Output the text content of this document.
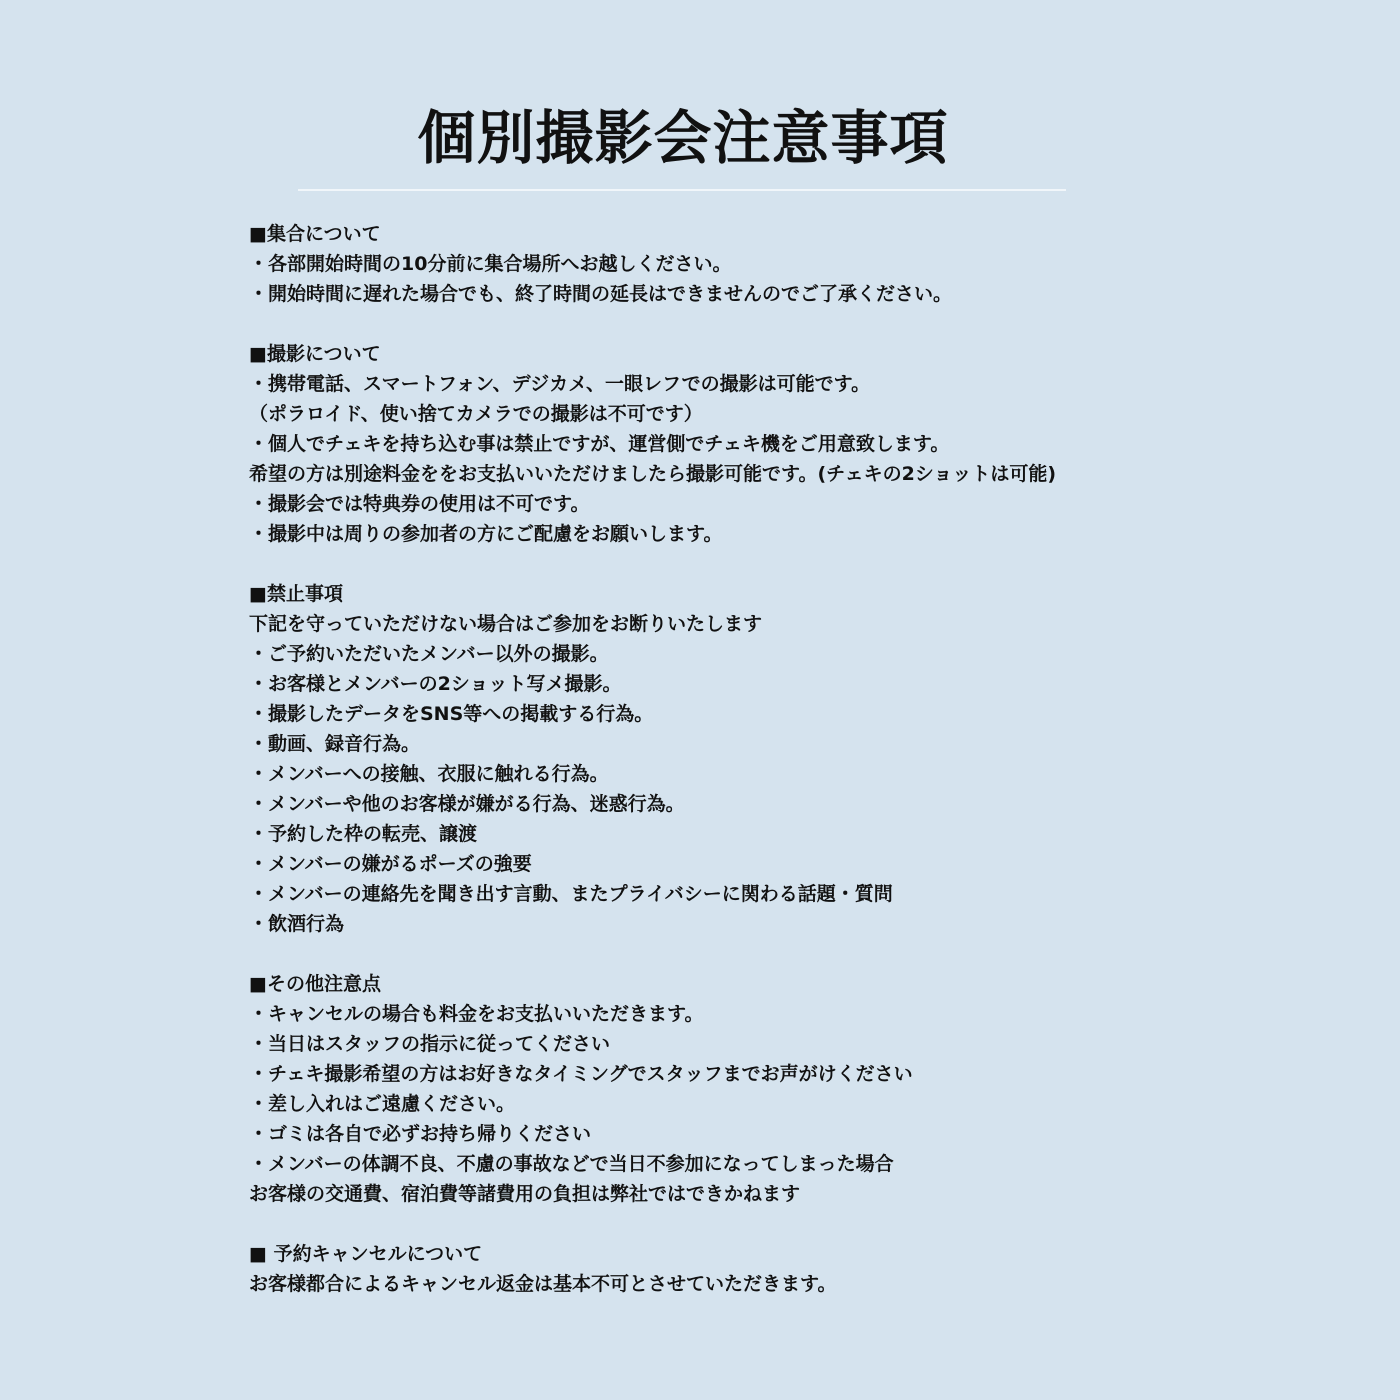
個別撮影会注意事項
■集合について
・各部開始時間の10分前に集合場所へお越しください。
・開始時間に遅れた場合でも、終了時間の延長はできませんのでご了承ください。
■撮影について
・携帯電話、スマートフォン、デジカメ、一眼レフでの撮影は可能です。
（ポラロイド、使い捨てカメラでの撮影は不可です）
・個人でチェキを持ち込む事は禁止ですが、運営側でチェキ機をご用意致します。
希望の方は別途料金ををお支払いいただけましたら撮影可能です。(チェキの2ショットは可能)
・撮影会では特典券の使用は不可です。
・撮影中は周りの参加者の方にご配慮をお願いします。
■禁止事項
下記を守っていただけない場合はご参加をお断りいたします
・ご予約いただいたメンバー以外の撮影。
・お客様とメンバーの2ショット写メ撮影。
・撮影したデータをSNS等への掲載する行為。
・動画、録音行為。
・メンバーへの接触、衣服に触れる行為。
・メンバーや他のお客様が嫌がる行為、迷惑行為。
・予約した枠の転売、譲渡
・メンバーの嫌がるポーズの強要
・メンバーの連絡先を聞き出す言動、またプライバシーに関わる話題・質問
・飲酒行為
■その他注意点
・キャンセルの場合も料金をお支払いいただきます。
・当日はスタッフの指示に従ってください
・チェキ撮影希望の方はお好きなタイミングでスタッフまでお声がけください
・差し入れはご遠慮ください。
・ゴミは各自で必ずお持ち帰りください
・メンバーの体調不良、不慮の事故などで当日不参加になってしまった場合
お客様の交通費、宿泊費等諸費用の負担は弊社ではできかねます
■ 予約キャンセルについて
お客様都合によるキャンセル返金は基本不可とさせていただきます。
